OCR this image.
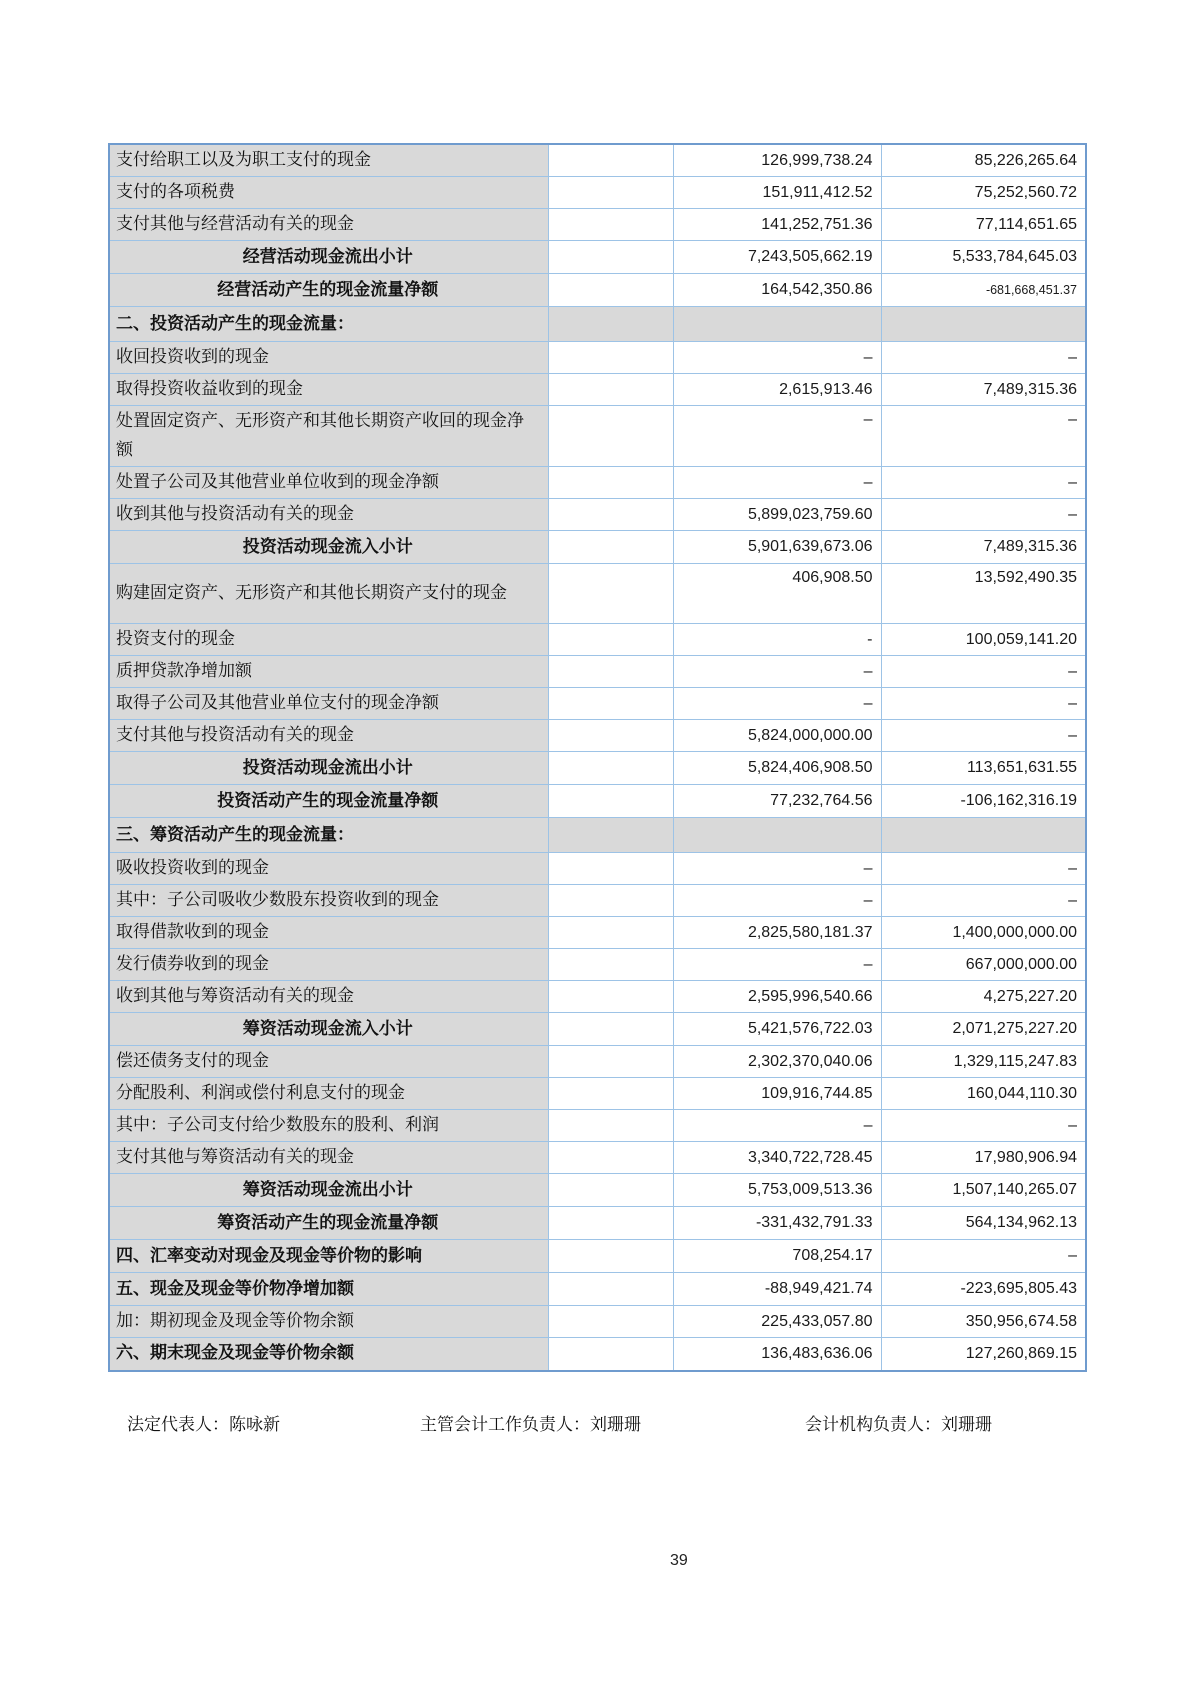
支付给职工以及为职工支付的现金		126,999,738.24	85,226,265.64
支付的各项税费		151,911,412.52	75,252,560.72
支付其他与经营活动有关的现金		141,252,751.36	77,114,651.65
经营活动现金流出小计		7,243,505,662.19	5,533,784,645.03
经营活动产生的现金流量净额		164,542,350.86	-681,668,451.37
二、投资活动产生的现金流量：			
收回投资收到的现金		–	–
取得投资收益收到的现金		2,615,913.46	7,489,315.36
处置固定资产、无形资产和其他长期资产收回的现金净额		–	–
处置子公司及其他营业单位收到的现金净额		–	–
收到其他与投资活动有关的现金		5,899,023,759.60	–
投资活动现金流入小计		5,901,639,673.06	7,489,315.36
购建固定资产、无形资产和其他长期资产支付的现金		406,908.50	13,592,490.35
投资支付的现金		-	100,059,141.20
质押贷款净增加额		–	–
取得子公司及其他营业单位支付的现金净额		–	–
支付其他与投资活动有关的现金		5,824,000,000.00	–
投资活动现金流出小计		5,824,406,908.50	113,651,631.55
投资活动产生的现金流量净额		77,232,764.56	-106,162,316.19
三、筹资活动产生的现金流量：			
吸收投资收到的现金		–	–
其中：子公司吸收少数股东投资收到的现金		–	–
取得借款收到的现金		2,825,580,181.37	1,400,000,000.00
发行债券收到的现金		–	667,000,000.00
收到其他与筹资活动有关的现金		2,595,996,540.66	4,275,227.20
筹资活动现金流入小计		5,421,576,722.03	2,071,275,227.20
偿还债务支付的现金		2,302,370,040.06	1,329,115,247.83
分配股利、利润或偿付利息支付的现金		109,916,744.85	160,044,110.30
其中：子公司支付给少数股东的股利、利润		–	–
支付其他与筹资活动有关的现金		3,340,722,728.45	17,980,906.94
筹资活动现金流出小计		5,753,009,513.36	1,507,140,265.07
筹资活动产生的现金流量净额		-331,432,791.33	564,134,962.13
四、汇率变动对现金及现金等价物的影响		708,254.17	–
五、现金及现金等价物净增加额		-88,949,421.74	-223,695,805.43
加：期初现金及现金等价物余额		225,433,057.80	350,956,674.58
六、期末现金及现金等价物余额		136,483,636.06	127,260,869.15
法定代表人：陈咏新	主管会计工作负责人：刘珊珊	会计机构负责人：刘珊珊
39
